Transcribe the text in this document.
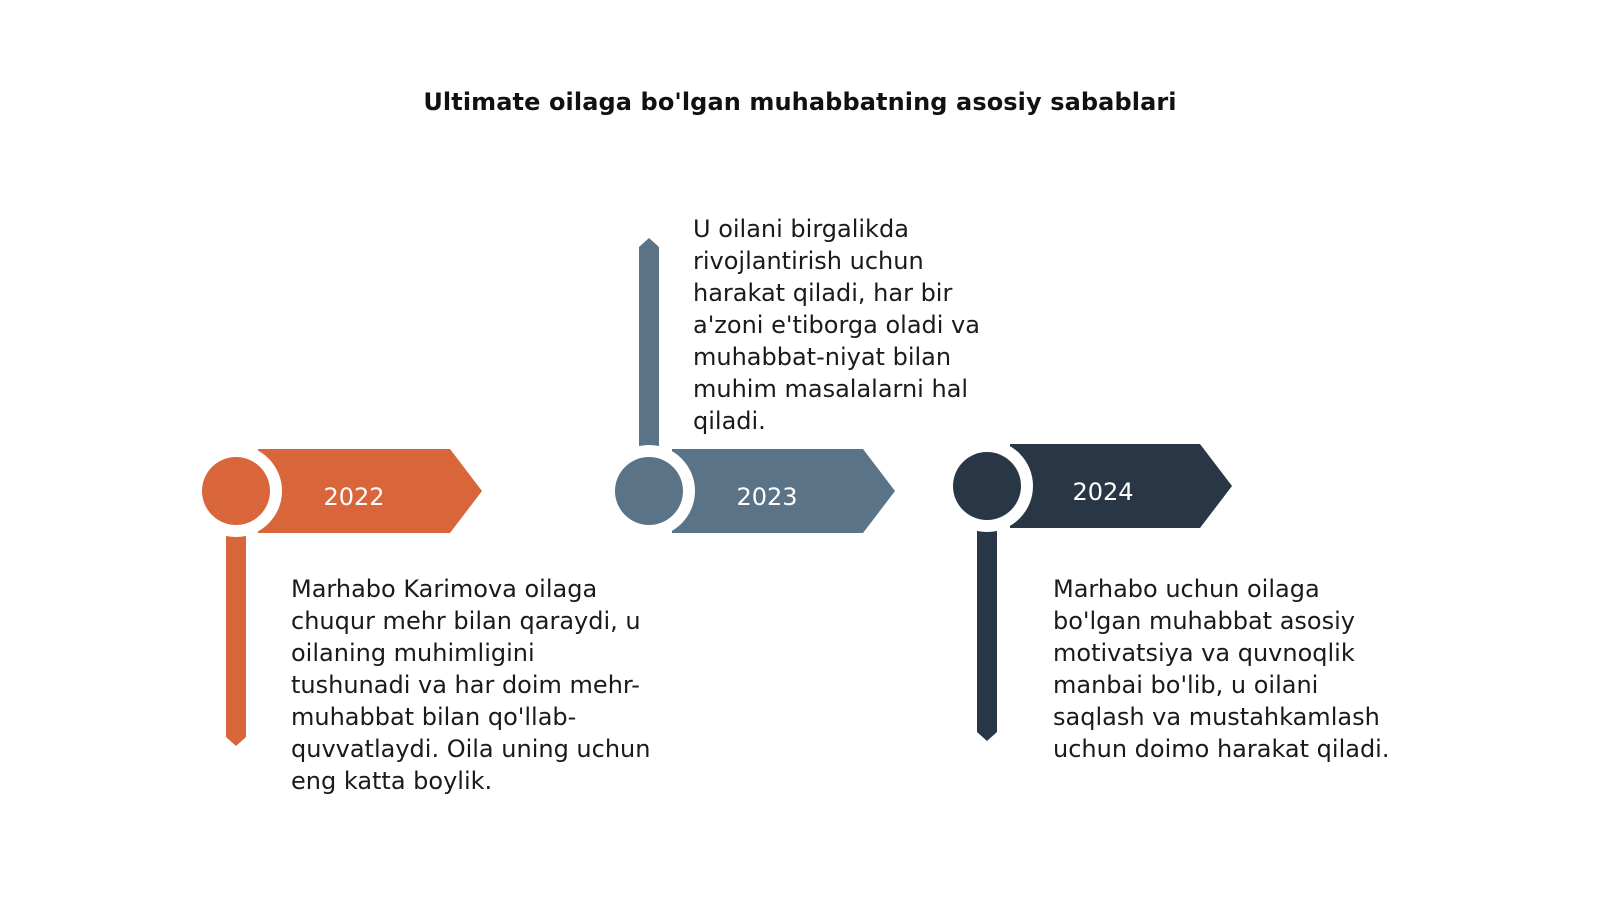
Ultimate oilaga bo'lgan muhabbatning asosiy sabablari
2022	2023	2024
Marhabo Karimova oilaga chuqur mehr bilan qaraydi, u oilaning muhimligini tushunadi va har doim mehr-muhabbat bilan qo'llab-quvvatlaydi. Oila uning uchun eng katta boylik.
U oilani birgalikda rivojlantirish uchun harakat qiladi, har bir a'zoni e'tiborga oladi va muhabbat-niyat bilan muhim masalalarni hal qiladi.
Marhabo uchun oilaga bo'lgan muhabbat asosiy motivatsiya va quvnoqlik manbai bo'lib, u oilani saqlash va mustahkamlash uchun doimo harakat qiladi.
